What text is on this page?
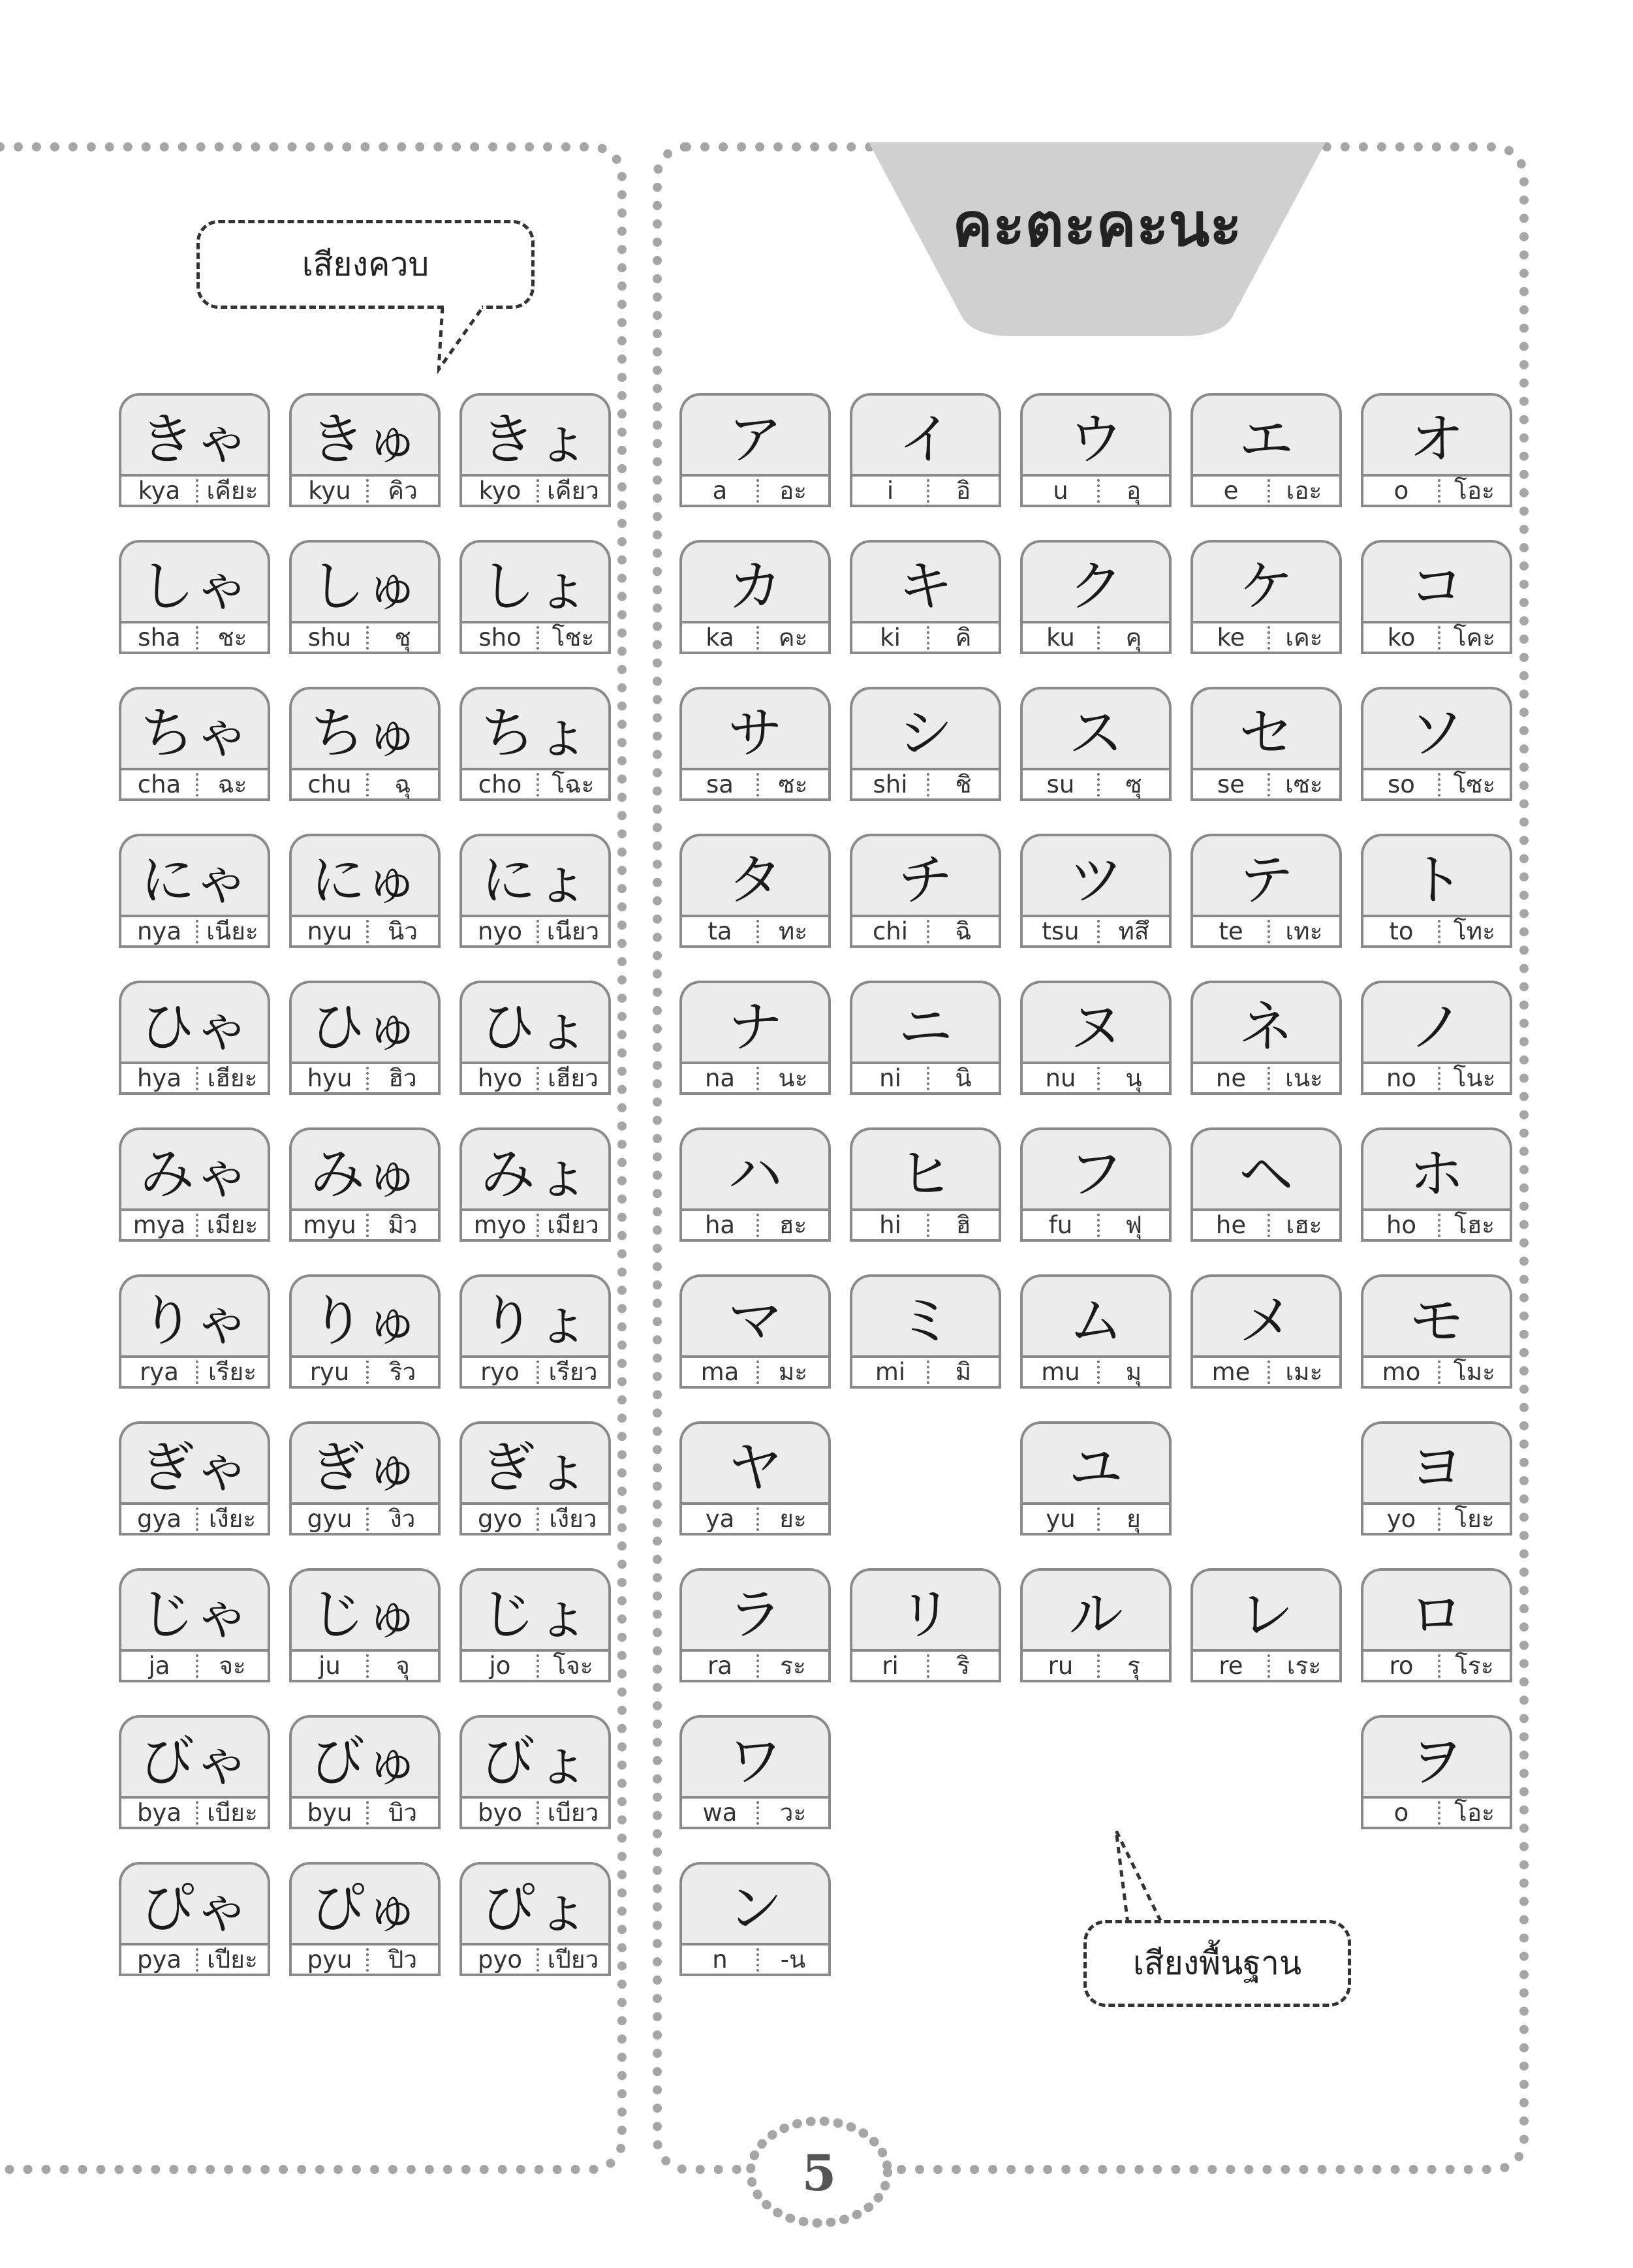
คะตะคะนะ
เสียงควบ
เสียงพื้นฐาน
きゃ
kya	เคียะ
きゅ
kyu	คิว
きょ
kyo	เคียว
しゃ
sha	ชะ
しゅ
shu	ชุ
しょ
sho	โชะ
ちゃ
cha	ฉะ
ちゅ
chu	ฉุ
ちょ
cho	โฉะ
にゃ
nya	เนียะ
にゅ
nyu	นิว
にょ
nyo	เนียว
ひゃ
hya	เฮียะ
ひゅ
hyu	ฮิว
ひょ
hyo	เฮียว
みゃ
mya เมียะ
みゅ
myu	มิว
みょ
myo เมียว
りゃ
rya	เรียะ
りゅ
ryu	ริว
りょ
ryo	เรียว
ぎゃ
gya	เงียะ
ぎゅ
gyu	งิว
ぎょ
gyo	เงียว
じゃ
ja	จะ
じゅ
ju	จุ
じょ
jo	โจะ
びゃ
bya	เบียะ
びゅ
byu	บิว
びょ
byo	เบียว
ぴゃ
pya	เปียะ
ぴゅ
pyu	ปิว
ぴょ
pyo	เปียว
ア
a	อะ
イ
i	อิ
ウ
u	อุ
エ
e	เอะ
オ
o	โอะ
カ
ka	คะ
キ
ki	คิ
ク
ku	คุ
ケ
ke	เคะ
コ
ko	โคะ
サ
sa	ซะ
シ
shi	ชิ
ス
su	ซุ
セ
se	เซะ
ソ
so	โซะ
タ
ta	ทะ
チ
chi	ฉิ
ツ
tsu	ทสึ
テ
te	เทะ
ト
to	โทะ
ナ
na	นะ
ニ
ni	นิ
ヌ
nu	นุ
ネ
ne	เนะ
ノ
no	โนะ
ハ
ha	ฮะ
ヒ
hi	ฮิ
フ
fu	ฟุ
ヘ
he	เฮะ
ホ
ho	โฮะ
マ
ma	มะ
ミ
mi	มิ
ム
mu	มุ
メ
me	เมะ
モ
mo	โมะ
ヤ
ya	ยะ
ユ
yu	ยุ
ヨ
yo	โยะ
ラ
ra	ระ
リ
ri	ริ
ル
ru	รุ
レ
re	เระ
ロ
ro	โระ
ワ
wa	วะ
ヲ
o	โอะ
ン
n	-น
5
